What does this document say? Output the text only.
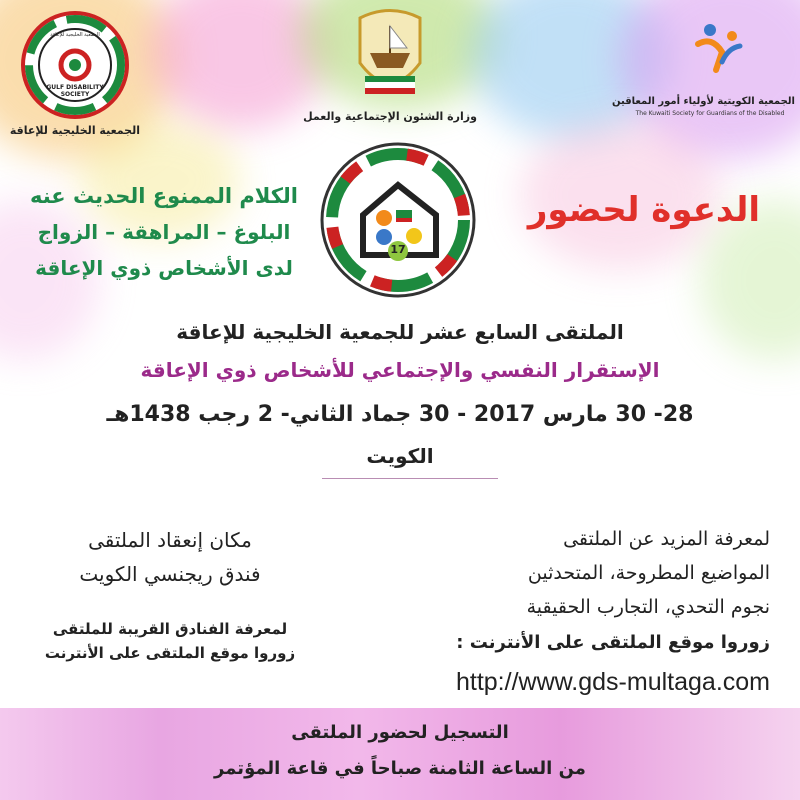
GULF DISABILITY SOCIETY
الجمعية الخليجية للإعاقة
الجمعية الخليجية للإعاقة
وزارة الشئون الإجتماعية والعمل
الجمعية الكويتية لأولياء أمور المعاقين
The Kuwaiti Society for Guardians of the Disabled
17
الدعوة لحضور
الكلام الممنوع الحديث عنه
البلوغ – المراهقة – الزواج
لدى الأشخاص ذوي الإعاقة
الملتقى السابع عشر للجمعية الخليجية للإعاقة
الإستقرار النفسي والإجتماعي للأشخاص ذوي الإعاقة
28- 30 مارس 2017 - 30 جماد الثاني- 2 رجب 1438هـ
الكويت
مكان إنعقاد الملتقى
فندق ريجنسي الكويت
لمعرفة الفنادق القريبة للملتقى
زوروا موقع الملتقى على الأنترنت
لمعرفة المزيد عن الملتقى
المواضيع المطروحة، المتحدثين
نجوم التحدي، التجارب الحقيقية
زوروا موقع الملتقى على الأنترنت :
http://www.gds-multaga.com
التسجيل لحضور الملتقى
من الساعة الثامنة صباحاً في قاعة المؤتمر
